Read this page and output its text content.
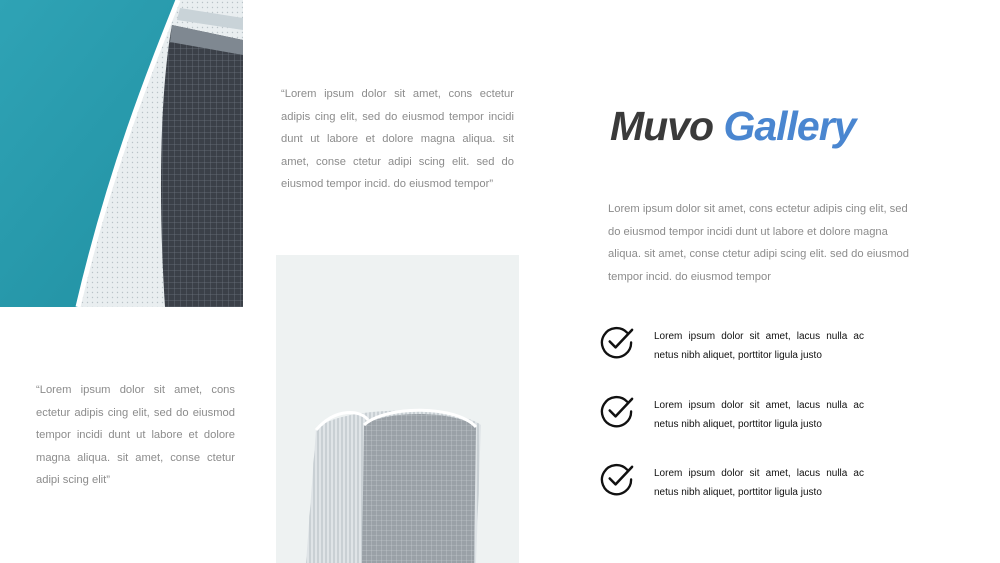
“Lorem ipsum dolor sit amet, cons ectetur adipis cing elit, sed do eiusmod tempor incidi dunt ut labore et dolore magna aliqua. sit amet, conse ctetur adipi scing elit. sed do eiusmod tempor incid. do eiusmod tempor”

“Lorem ipsum dolor sit amet, cons ectetur adipis cing elit, sed do eiusmod tempor incidi dunt ut labore et dolore magna aliqua. sit amet, conse ctetur adipi scing elit”

Muvo Gallery

Lorem ipsum dolor sit amet, cons ectetur adipis cing elit, sed do eiusmod tempor incidi dunt ut labore et dolore magna aliqua. sit amet, conse ctetur adipi scing elit. sed do eiusmod tempor incid. do eiusmod tempor

Lorem ipsum dolor sit amet, lacus nulla ac netus nibh aliquet, porttitor ligula justo

Lorem ipsum dolor sit amet, lacus nulla ac netus nibh aliquet, porttitor ligula justo

Lorem ipsum dolor sit amet, lacus nulla ac netus nibh aliquet, porttitor ligula justo
